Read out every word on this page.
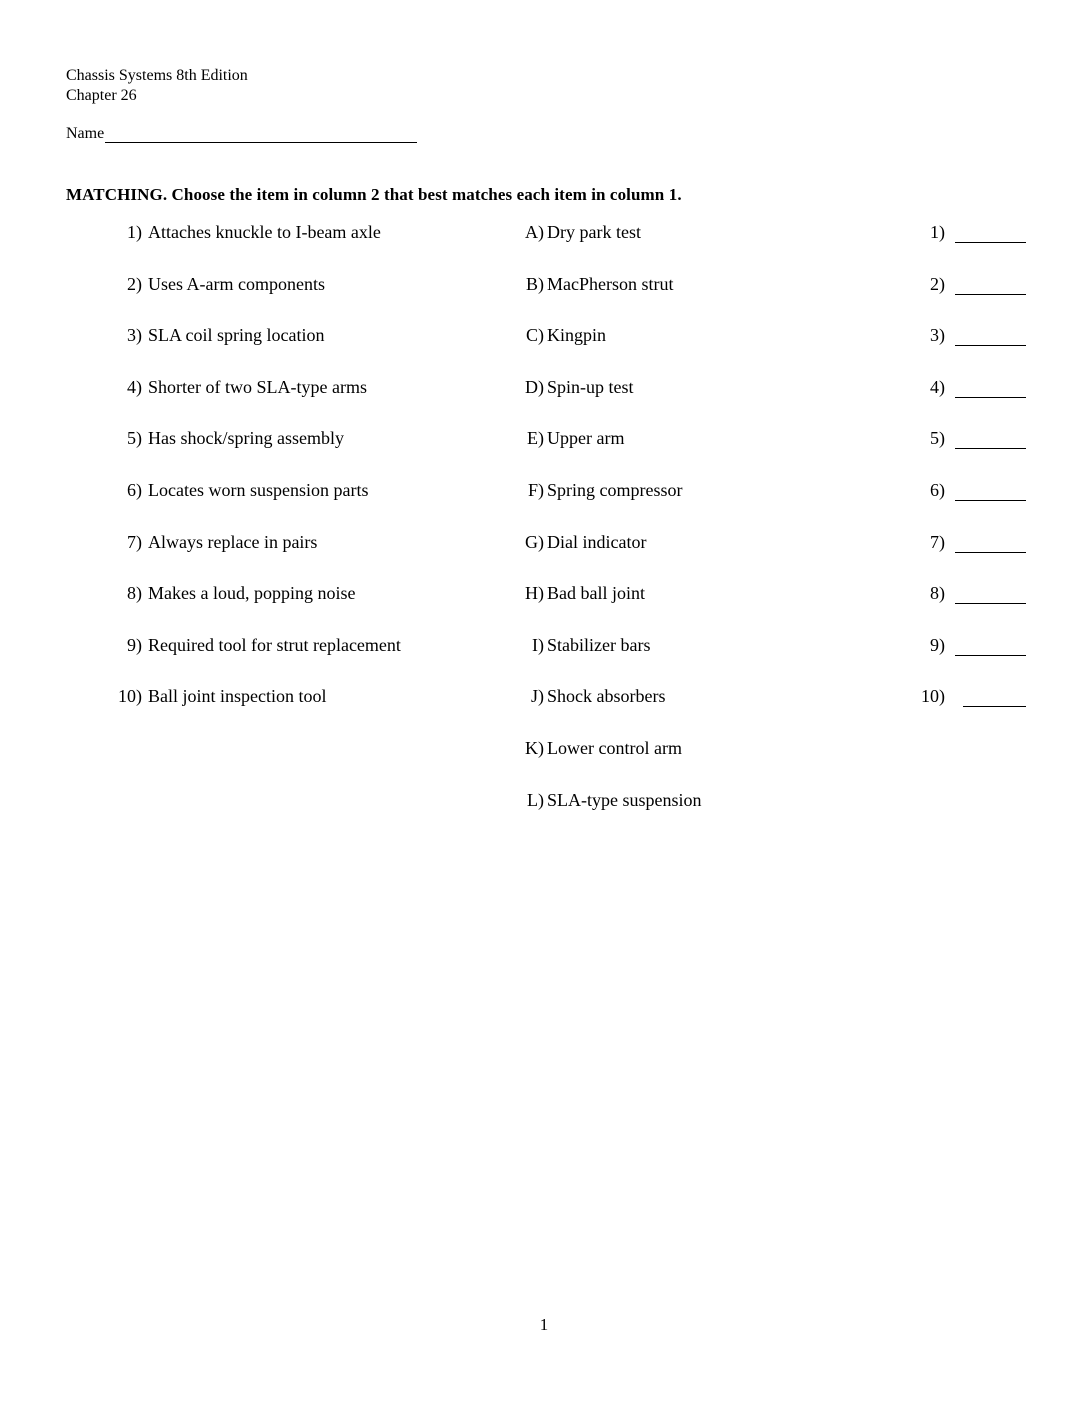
Chassis Systems 8th Edition
Chapter 26
Name
MATCHING. Choose the item in column 2 that best matches each item in column 1.
1) Attaches knuckle to I-beam axle	A) Dry park test	1)
2) Uses A-arm components	B) MacPherson strut	2)
3) SLA coil spring location	C) Kingpin	3)
4) Shorter of two SLA-type arms	D) Spin-up test	4)
5) Has shock/spring assembly	E) Upper arm	5)
6) Locates worn suspension parts	F) Spring compressor	6)
7) Always replace in pairs	G) Dial indicator	7)
8) Makes a loud, popping noise	H) Bad ball joint	8)
9) Required tool for strut replacement	I) Stabilizer bars	9)
10) Ball joint inspection tool	J) Shock absorbers	10)
K) Lower control arm
L) SLA-type suspension
1
